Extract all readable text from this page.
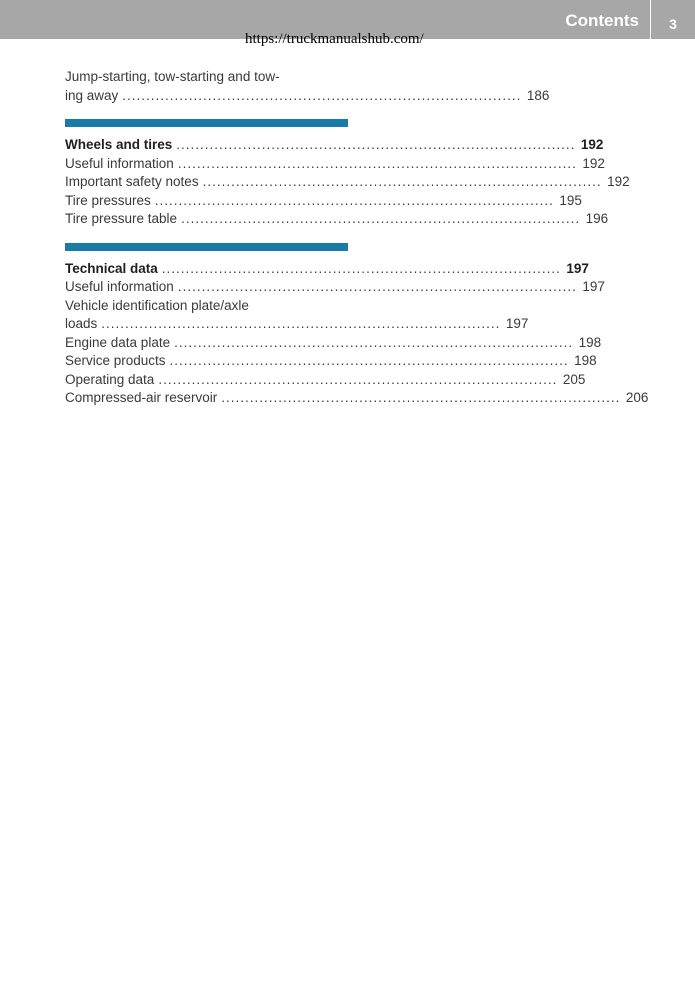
Contents	3
https://truckmanualshub.com/
Jump-starting, tow-starting and tow-
ing away .................................................................................... 186
Wheels and tires .................................................................................... 192
Useful information .................................................................................... 192
Important safety notes .................................................................................... 192
Tire pressures .................................................................................... 195
Tire pressure table .................................................................................... 196
Technical data .................................................................................... 197
Useful information .................................................................................... 197
Vehicle identification plate/axle
loads .................................................................................... 197
Engine data plate .................................................................................... 198
Service products .................................................................................... 198
Operating data .................................................................................... 205
Compressed-air reservoir .................................................................................... 206
